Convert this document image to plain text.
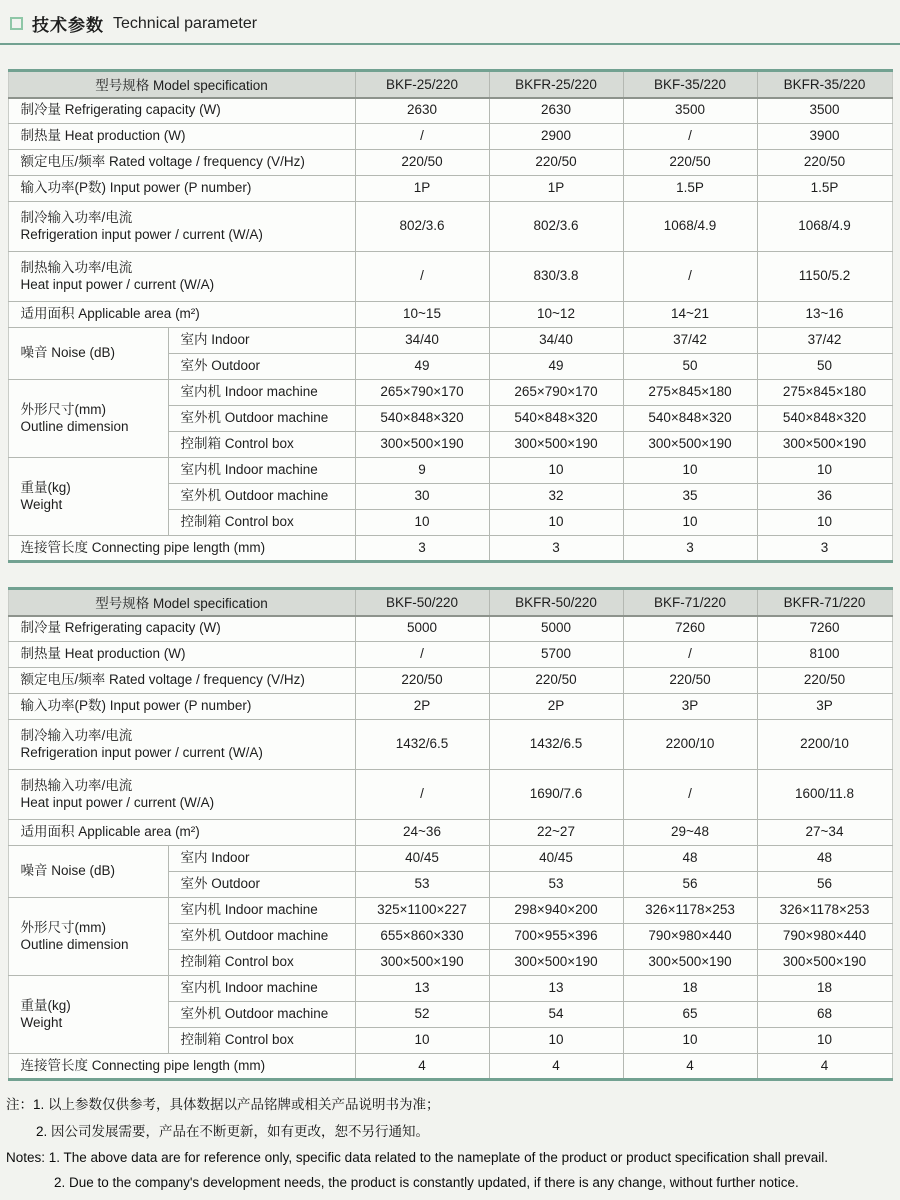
技术参数 Technical parameter
型号规格 Model specification		BKF-25/220	BKFR-25/220	BKF-35/220	BKFR-35/220
制冷量 Refrigerating capacity (W)		2630	2630	3500	3500
制热量 Heat production (W)		/	2900	/	3900
额定电压/频率 Rated voltage / frequency (V/Hz)		220/50	220/50	220/50	220/50
输入功率(P数) Input power (P number)		1P	1P	1.5P	1.5P
制冷输入功率/电流
Refrigeration input power / current (W/A)		802/3.6	802/3.6	1068/4.9	1068/4.9
制热输入功率/电流
Heat input power / current (W/A)		/	830/3.8	/	1150/5.2
适用面积 Applicable area (m²)		10~15	10~12	14~21	13~16
噪音 Noise (dB)	室内 Indoor	34/40	34/40	37/42	37/42
	室外 Outdoor	49	49	50	50
外形尺寸(mm)
Outline dimension	室内机 Indoor machine	265×790×170	265×790×170	275×845×180	275×845×180
	室外机 Outdoor machine	540×848×320	540×848×320	540×848×320	540×848×320
	控制箱 Control box	300×500×190	300×500×190	300×500×190	300×500×190
重量(kg)
Weight	室内机 Indoor machine	9	10	10	10
	室外机 Outdoor machine	30	32	35	36
	控制箱 Control box	10	10	10	10
连接管长度 Connecting pipe length (mm)		3	3	3	3
型号规格 Model specification		BKF-50/220	BKFR-50/220	BKF-71/220	BKFR-71/220
制冷量 Refrigerating capacity (W)		5000	5000	7260	7260
制热量 Heat production (W)		/	5700	/	8100
额定电压/频率 Rated voltage / frequency (V/Hz)		220/50	220/50	220/50	220/50
输入功率(P数) Input power (P number)		2P	2P	3P	3P
制冷输入功率/电流
Refrigeration input power / current (W/A)		1432/6.5	1432/6.5	2200/10	2200/10
制热输入功率/电流
Heat input power / current (W/A)		/	1690/7.6	/	1600/11.8
适用面积 Applicable area (m²)		24~36	22~27	29~48	27~34
噪音 Noise (dB)	室内 Indoor	40/45	40/45	48	48
	室外 Outdoor	53	53	56	56
外形尺寸(mm)
Outline dimension	室内机 Indoor machine	325×1100×227	298×940×200	326×1178×253	326×1178×253
	室外机 Outdoor machine	655×860×330	700×955×396	790×980×440	790×980×440
	控制箱 Control box	300×500×190	300×500×190	300×500×190	300×500×190
重量(kg)
Weight	室内机 Indoor machine	13	13	18	18
	室外机 Outdoor machine	52	54	65	68
	控制箱 Control box	10	10	10	10
连接管长度 Connecting pipe length (mm)		4	4	4	4
注：1. 以上参数仅供参考，具体数据以产品铭牌或相关产品说明书为准；
2. 因公司发展需要，产品在不断更新，如有更改，恕不另行通知。
Notes: 1. The above data are for reference only, specific data related to the nameplate of the product or product specification shall prevail.
2. Due to the company's development needs, the product is constantly updated, if there is any change, without further notice.
